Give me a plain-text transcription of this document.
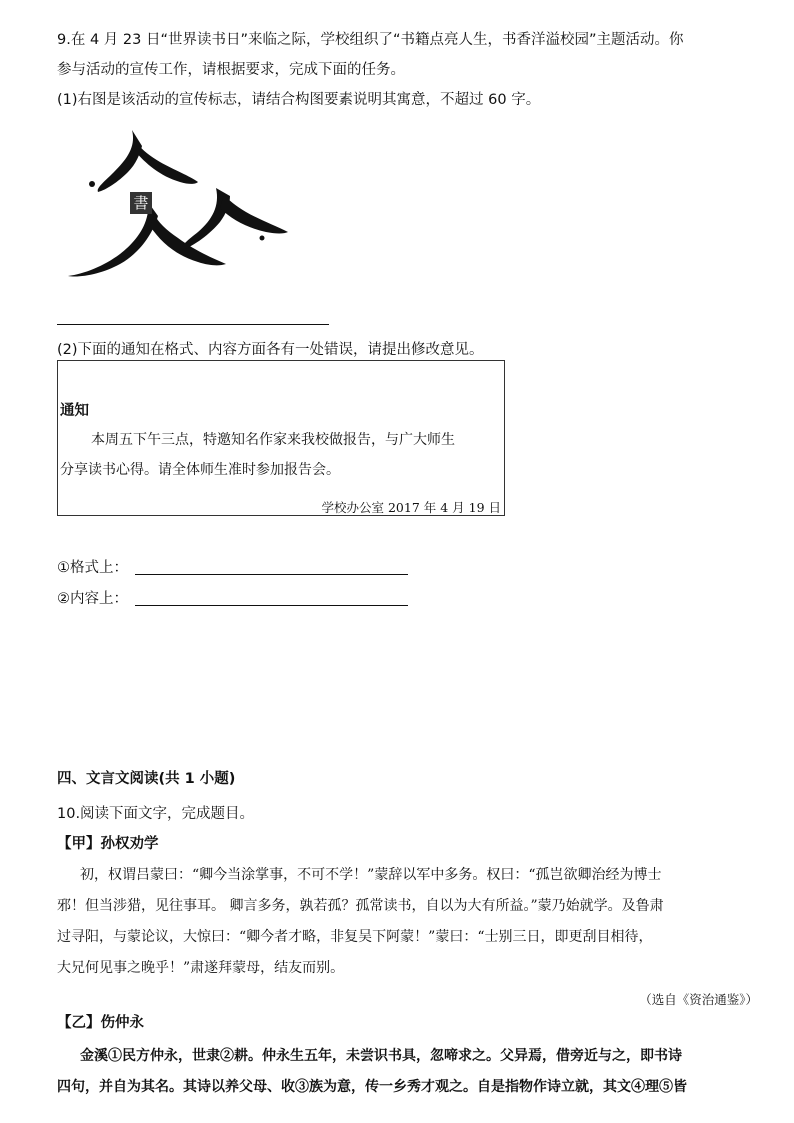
9.在 4 月 23 日“世界读书日”来临之际，学校组织了“书籍点亮人生，书香洋溢校园”主题活动。你
参与活动的宣传工作，请根据要求，完成下面的任务。
(1)右图是该活动的宣传标志，请结合构图要素说明其寓意，不超过 60 字。
書
(2)下面的通知在格式、内容方面各有一处错误，请提出修改意见。
通知
本周五下午三点，特邀知名作家来我校做报告，与广大师生
分享读书心得。请全体师生准时参加报告会。
学校办公室 2017 年 4 月 19 日
①格式上：
②内容上：
四、文言文阅读(共 1 小题)
10.阅读下面文字，完成题目。
【甲】孙权劝学
初，权谓吕蒙曰：“卿今当涂掌事，不可不学！”蒙辞以军中多务。权曰：“孤岂欲卿治经为博士
邪！但当涉猎，见往事耳。 卿言多务，孰若孤？孤常读书，自以为大有所益。”蒙乃始就学。及鲁肃
过寻阳，与蒙论议，大惊曰：“卿今者才略，非复吴下阿蒙！”蒙曰：“士别三日，即更刮目相待，
大兄何见事之晚乎！”肃遂拜蒙母，结友而别。
（选自《资治通鉴》）
【乙】伤仲永
金溪①民方仲永，世隶②耕。仲永生五年，未尝识书具，忽啼求之。父异焉，借旁近与之，即书诗
四句，并自为其名。其诗以养父母、收③族为意，传一乡秀才观之。自是指物作诗立就，其文④理⑤皆
